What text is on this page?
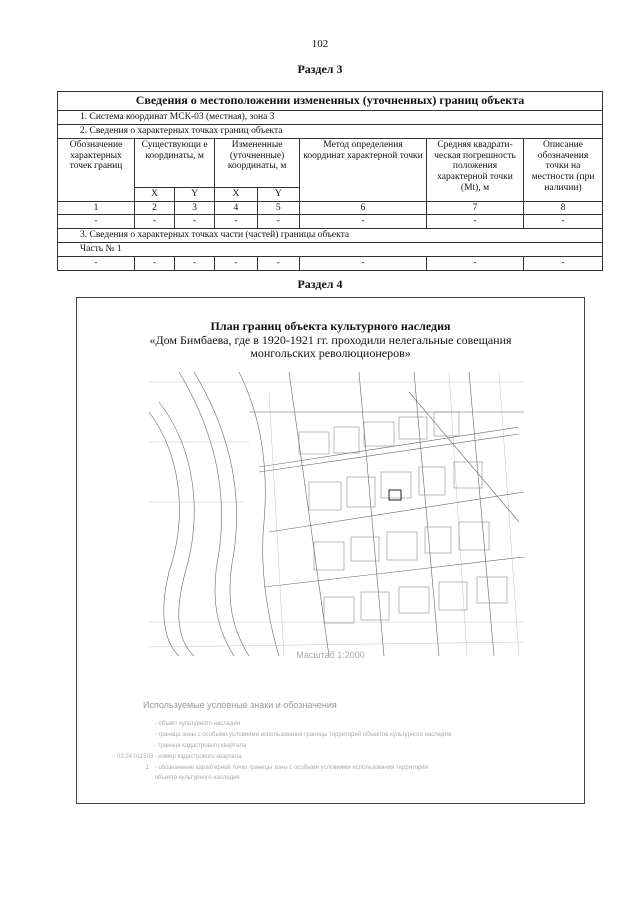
102
Раздел 3
Сведения о местоположении измененных (уточненных) границ объекта							
1. Система координат МСК-03 (местная), зона 3							
2. Сведения о характерных точках границ объекта							
Обозначение характерных точек границ	Существующи е координаты, м		Измененные (уточненные) координаты, м		Метод определения координат характерной точки	Средняя квадрати-ческая погрешность положения характерной точки (Mt), м	Описание обозначения точки на местности (при наличии)
	X	Y	X	Y			
1	2	3	4	5	6	7	8
-	-	-	-	-	-	-	-
3. Сведения о характерных точках части (частей) границы объекта							
Часть № 1							
-	-	-	-	-	-	-	-
Раздел 4
План границ объекта культурного наследия
«Дом Бимбаева, где в 1920-1921 гг. проходили нелегальные совещания
монгольских революционеров»
Масштаб 1:2000
Используемые условные знаки и обозначения
- объект культурного наследия
- граница зоны с особыми условиями использования границы территорий объектов культурного наследия
- граница кадастрового квартала
03:24:011503 - номер кадастрового квартала
1 - обозначение характерной точки границы зоны с особыми условиями использования территории
объекта культурного наследия
